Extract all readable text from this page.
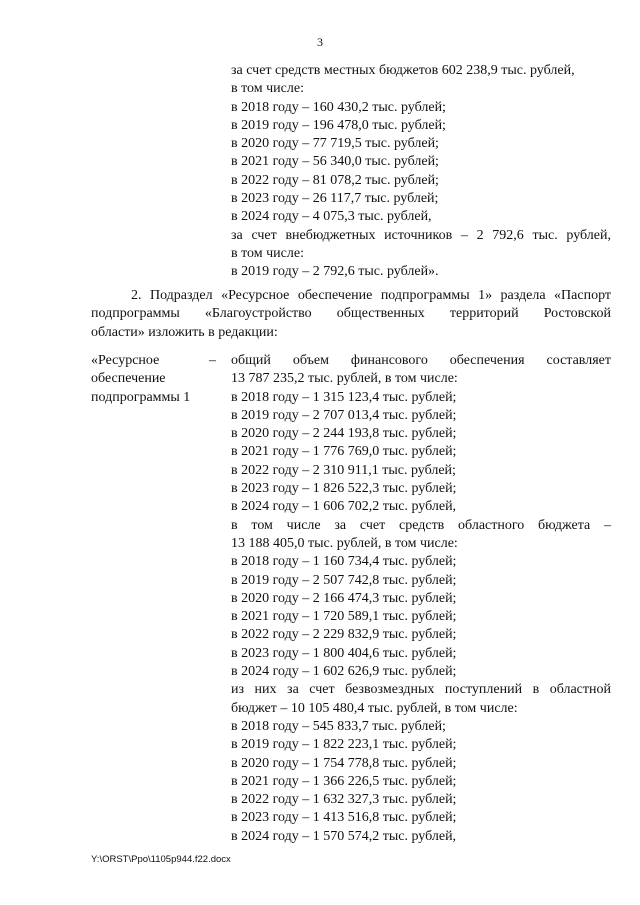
3
за счет средств местных бюджетов 602 238,9 тыс. рублей,
в том числе:
в 2018 году – 160 430,2 тыс. рублей;
в 2019 году – 196 478,0 тыс. рублей;
в 2020 году – 77 719,5 тыс. рублей;
в 2021 году – 56 340,0 тыс. рублей;
в 2022 году – 81 078,2 тыс. рублей;
в 2023 году – 26 117,7 тыс. рублей;
в 2024 году – 4 075,3 тыс. рублей,
за счет внебюджетных источников – 2 792,6 тыс. рублей,
в том числе:
в 2019 году – 2 792,6 тыс. рублей».
2. Подраздел «Ресурсное обеспечение подпрограммы 1» раздела «Паспорт
подпрограммы «Благоустройство общественных территорий Ростовской
области» изложить в редакции:
«Ресурсное
обеспечение
подпрограммы 1
– общий объем финансового обеспечения составляет
13 787 235,2 тыс. рублей, в том числе:
в 2018 году – 1 315 123,4 тыс. рублей;
в 2019 году – 2 707 013,4 тыс. рублей;
в 2020 году – 2 244 193,8 тыс. рублей;
в 2021 году – 1 776 769,0 тыс. рублей;
в 2022 году – 2 310 911,1 тыс. рублей;
в 2023 году – 1 826 522,3 тыс. рублей;
в 2024 году – 1 606 702,2 тыс. рублей,
в том числе за счет средств областного бюджета –
13 188 405,0 тыс. рублей, в том числе:
в 2018 году – 1 160 734,4 тыс. рублей;
в 2019 году – 2 507 742,8 тыс. рублей;
в 2020 году – 2 166 474,3 тыс. рублей;
в 2021 году – 1 720 589,1 тыс. рублей;
в 2022 году – 2 229 832,9 тыс. рублей;
в 2023 году – 1 800 404,6 тыс. рублей;
в 2024 году – 1 602 626,9 тыс. рублей;
из них за счет безвозмездных поступлений в областной
бюджет – 10 105 480,4 тыс. рублей, в том числе:
в 2018 году – 545 833,7 тыс. рублей;
в 2019 году – 1 822 223,1 тыс. рублей;
в 2020 году – 1 754 778,8 тыс. рублей;
в 2021 году – 1 366 226,5 тыс. рублей;
в 2022 году – 1 632 327,3 тыс. рублей;
в 2023 году – 1 413 516,8 тыс. рублей;
в 2024 году – 1 570 574,2 тыс. рублей,
Y:\ORST\Ppo\1105p944.f22.docx
